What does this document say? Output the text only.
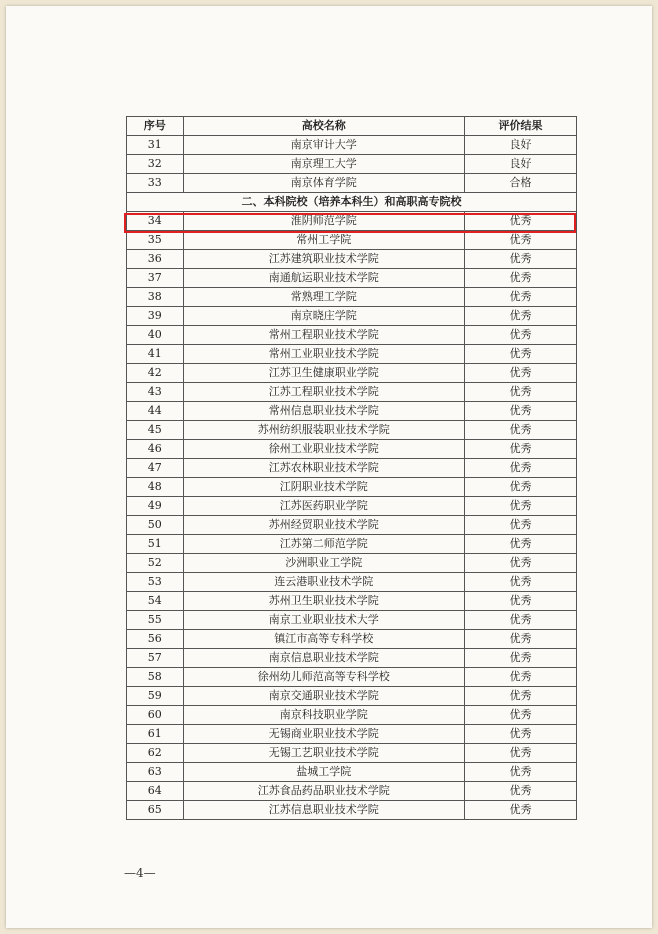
序号	高校名称	评价结果
31	南京审计大学	良好
32	南京理工大学	良好
33	南京体育学院	合格
二、本科院校（培养本科生）和高职高专院校		
34	淮阴师范学院	优秀
35	常州工学院	优秀
36	江苏建筑职业技术学院	优秀
37	南通航运职业技术学院	优秀
38	常熟理工学院	优秀
39	南京晓庄学院	优秀
40	常州工程职业技术学院	优秀
41	常州工业职业技术学院	优秀
42	江苏卫生健康职业学院	优秀
43	江苏工程职业技术学院	优秀
44	常州信息职业技术学院	优秀
45	苏州纺织服装职业技术学院	优秀
46	徐州工业职业技术学院	优秀
47	江苏农林职业技术学院	优秀
48	江阴职业技术学院	优秀
49	江苏医药职业学院	优秀
50	苏州经贸职业技术学院	优秀
51	江苏第二师范学院	优秀
52	沙洲职业工学院	优秀
53	连云港职业技术学院	优秀
54	苏州卫生职业技术学院	优秀
55	南京工业职业技术大学	优秀
56	镇江市高等专科学校	优秀
57	南京信息职业技术学院	优秀
58	徐州幼儿师范高等专科学校	优秀
59	南京交通职业技术学院	优秀
60	南京科技职业学院	优秀
61	无锡商业职业技术学院	优秀
62	无锡工艺职业技术学院	优秀
63	盐城工学院	优秀
64	江苏食品药品职业技术学院	优秀
65	江苏信息职业技术学院	优秀
—4—
